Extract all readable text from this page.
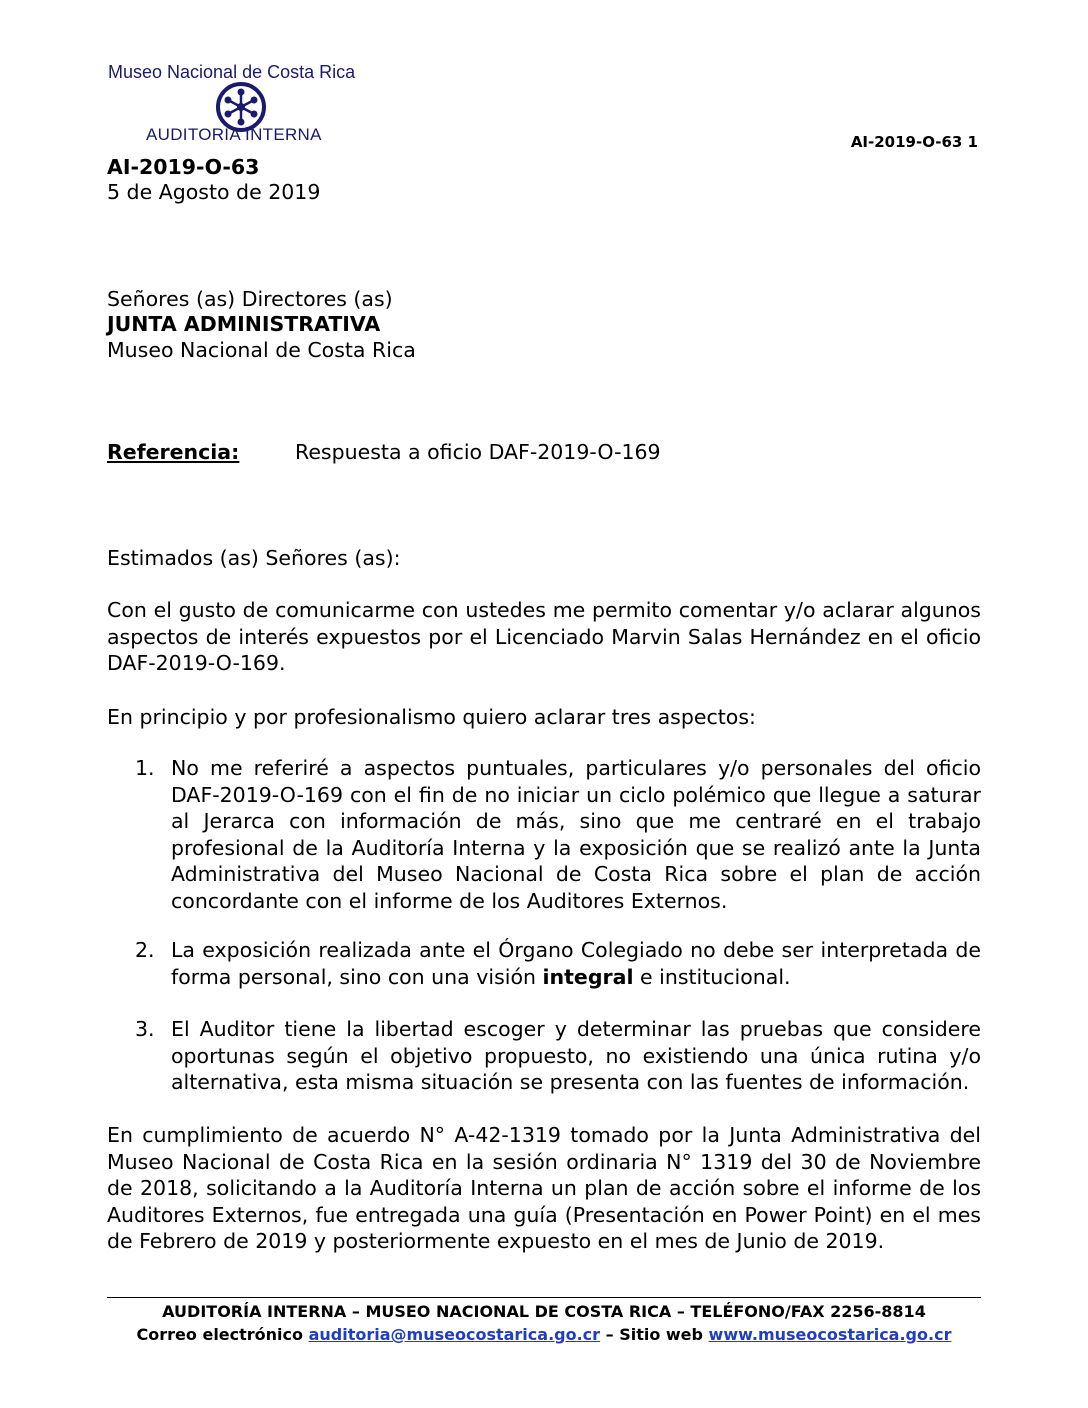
Museo Nacional de Costa Rica
AUDITORIA INTERNA	AI-2019-O-63 1
AI-2019-O-63
5 de Agosto de 2019
Señores (as) Directores (as)
JUNTA ADMINISTRATIVA
Museo Nacional de Costa Rica
Referencia:	Respuesta a oficio DAF-2019-O-169
Estimados (as) Señores (as):

Con el gusto de comunicarme con ustedes me permito comentar y/o aclarar algunos aspectos de interés expuestos por el Licenciado Marvin Salas Hernández en el oficio DAF-2019-O-169.

En principio y por profesionalismo quiero aclarar tres aspectos:

1. No me referiré a aspectos puntuales, particulares y/o personales del oficio DAF-2019-O-169 con el fin de no iniciar un ciclo polémico que llegue a saturar al Jerarca con información de más, sino que me centraré en el trabajo profesional de la Auditoría Interna y la exposición que se realizó ante la Junta Administrativa del Museo Nacional de Costa Rica sobre el plan de acción concordante con el informe de los Auditores Externos.
2. La exposición realizada ante el Órgano Colegiado no debe ser interpretada de forma personal, sino con una visión integral e institucional.
3. El Auditor tiene la libertad escoger y determinar las pruebas que considere oportunas según el objetivo propuesto, no existiendo una única rutina y/o alternativa, esta misma situación se presenta con las fuentes de información.

En cumplimiento de acuerdo N° A-42-1319 tomado por la Junta Administrativa del Museo Nacional de Costa Rica en la sesión ordinaria N° 1319 del 30 de Noviembre de 2018, solicitando a la Auditoría Interna un plan de acción sobre el informe de los Auditores Externos, fue entregada una guía (Presentación en Power Point) en el mes de Febrero de 2019 y posteriormente expuesto en el mes de Junio de 2019.

AUDITORÍA INTERNA – MUSEO NACIONAL DE COSTA RICA – TELÉFONO/FAX 2256-8814
Correo electrónico auditoria@museocostarica.go.cr – Sitio web www.museocostarica.go.cr
